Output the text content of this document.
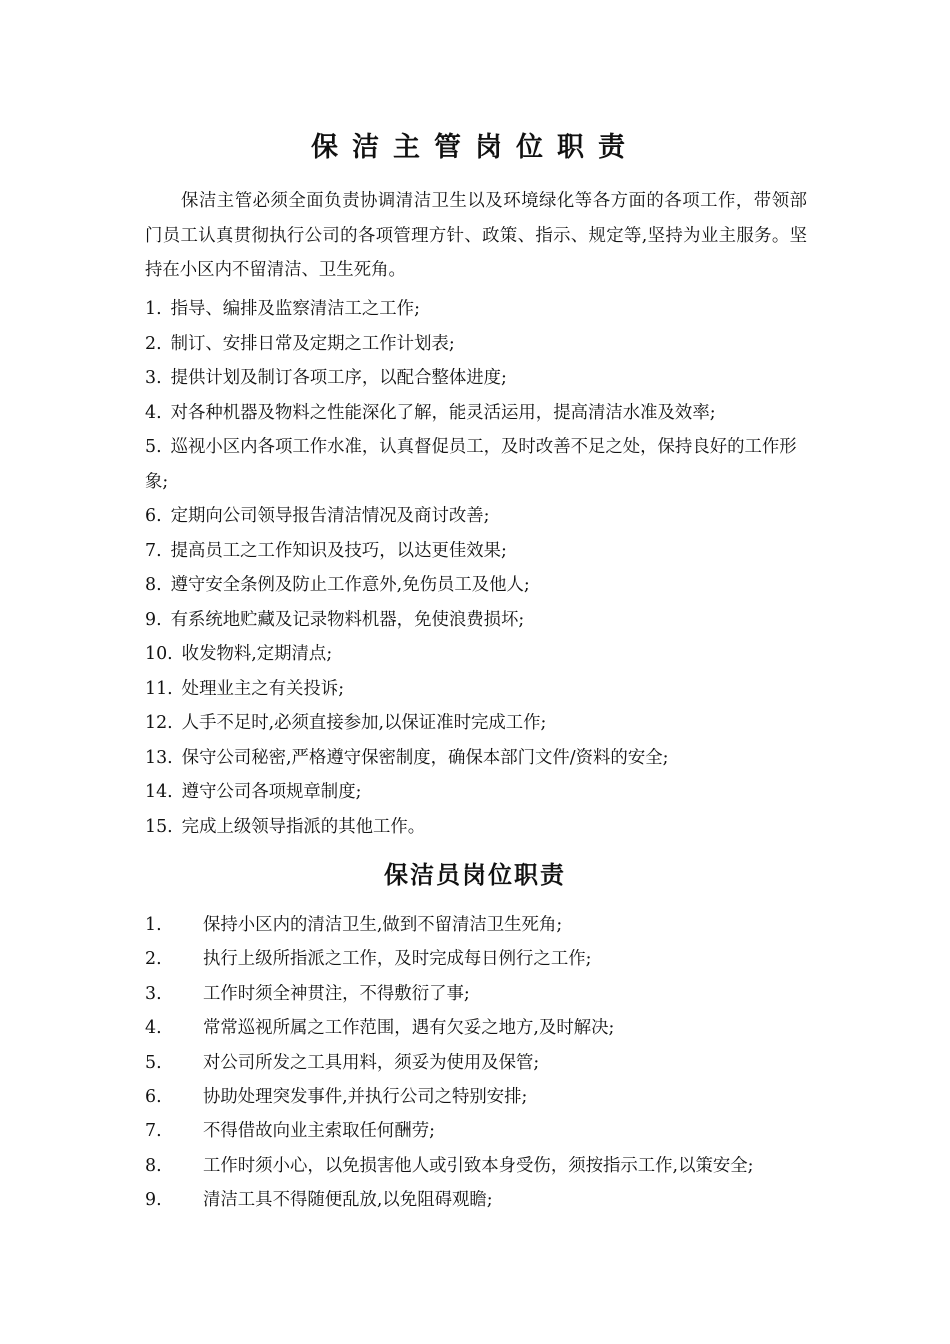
保洁主管岗位职责

保洁主管必须全面负责协调清洁卫生以及环境绿化等各方面的各项工作，带领部门员工认真贯彻执行公司的各项管理方针、政策、指示、规定等,坚持为业主服务。坚持在小区内不留清洁、卫生死角。

1. 指导、编排及监察清洁工之工作;
2. 制订、安排日常及定期之工作计划表;
3. 提供计划及制订各项工序，以配合整体进度;
4. 对各种机器及物料之性能深化了解，能灵活运用，提高清洁水准及效率;
5. 巡视小区内各项工作水准，认真督促员工，及时改善不足之处，保持良好的工作形象;
6. 定期向公司领导报告清洁情况及商讨改善;
7. 提高员工之工作知识及技巧，以达更佳效果;
8. 遵守安全条例及防止工作意外,免伤员工及他人;
9. 有系统地贮藏及记录物料机器，免使浪费损坏;
10. 收发物料,定期清点;
11. 处理业主之有关投诉;
12. 人手不足时,必须直接参加,以保证准时完成工作;
13. 保守公司秘密,严格遵守保密制度，确保本部门文件/资料的安全;
14. 遵守公司各项规章制度;
15. 完成上级领导指派的其他工作。
保洁员岗位职责
1. 保持小区内的清洁卫生,做到不留清洁卫生死角;
2. 执行上级所指派之工作，及时完成每日例行之工作;
3. 工作时须全神贯注，不得敷衍了事;
4. 常常巡视所属之工作范围，遇有欠妥之地方,及时解决;
5. 对公司所发之工具用料，须妥为使用及保管;
6. 协助处理突发事件,并执行公司之特别安排;
7. 不得借故向业主索取任何酬劳;
8. 工作时须小心，以免损害他人或引致本身受伤，须按指示工作,以策安全;
9. 清洁工具不得随便乱放,以免阻碍观瞻;
